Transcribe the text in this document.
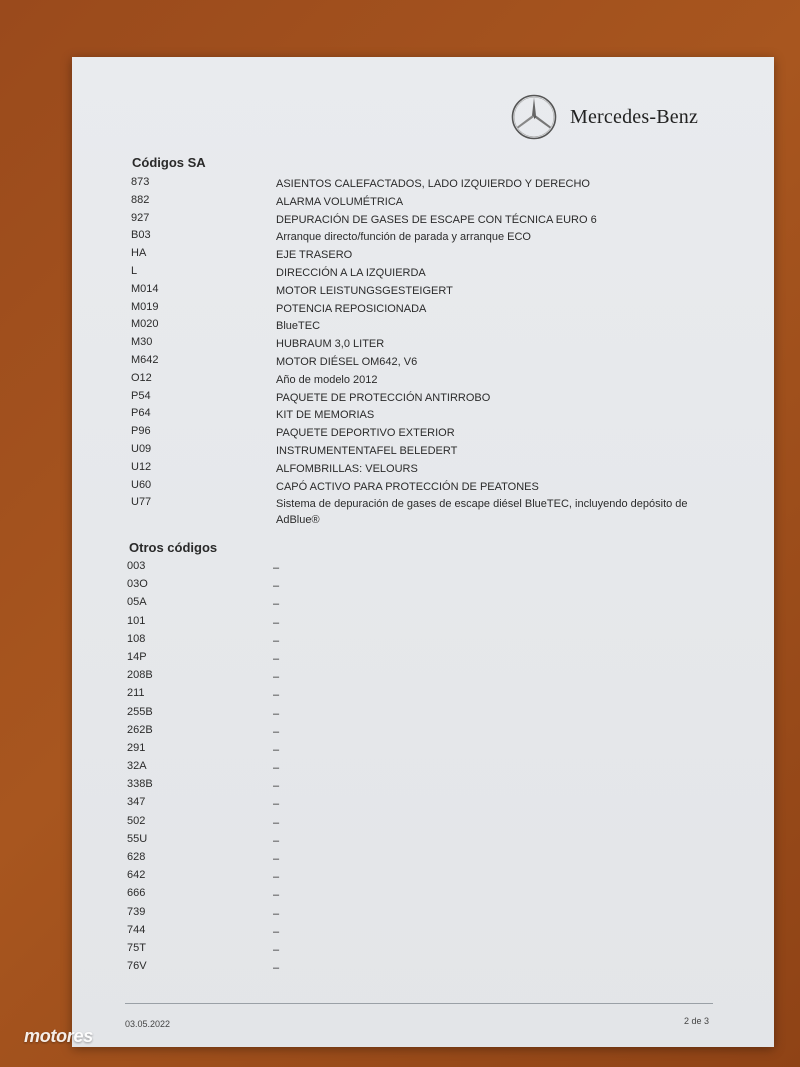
Mercedes-Benz
Códigos SA
873	ASIENTOS CALEFACTADOS, LADO IZQUIERDO Y DERECHO
882	ALARMA VOLUMÉTRICA
927	DEPURACIÓN DE GASES DE ESCAPE CON TÉCNICA EURO 6
B03	Arranque directo/función de parada y arranque ECO
HA	EJE TRASERO
L	DIRECCIÓN A LA IZQUIERDA
M014	MOTOR LEISTUNGSGESTEIGERT
M019	POTENCIA REPOSICIONADA
M020	BlueTEC
M30	HUBRAUM 3,0 LITER
M642	MOTOR DIÉSEL OM642, V6
O12	Año de modelo 2012
P54	PAQUETE DE PROTECCIÓN ANTIRROBO
P64	KIT DE MEMORIAS
P96	PAQUETE DEPORTIVO EXTERIOR
U09	INSTRUMENTENTAFEL BELEDERT
U12	ALFOMBRILLAS: VELOURS
U60	CAPÓ ACTIVO PARA PROTECCIÓN DE PEATONES
U77	Sistema de depuración de gases de escape diésel BlueTEC, incluyendo depósito de AdBlue®
Otros códigos
003	–
03O	–
05A	–
101	–
108	–
14P	–
208B	–
211	–
255B	–
262B	–
291	–
32A	–
338B	–
347	–
502	–
55U	–
628	–
642	–
666	–
739	–
744	–
75T	–
76V	–
03.05.2022	2 de 3
motores
